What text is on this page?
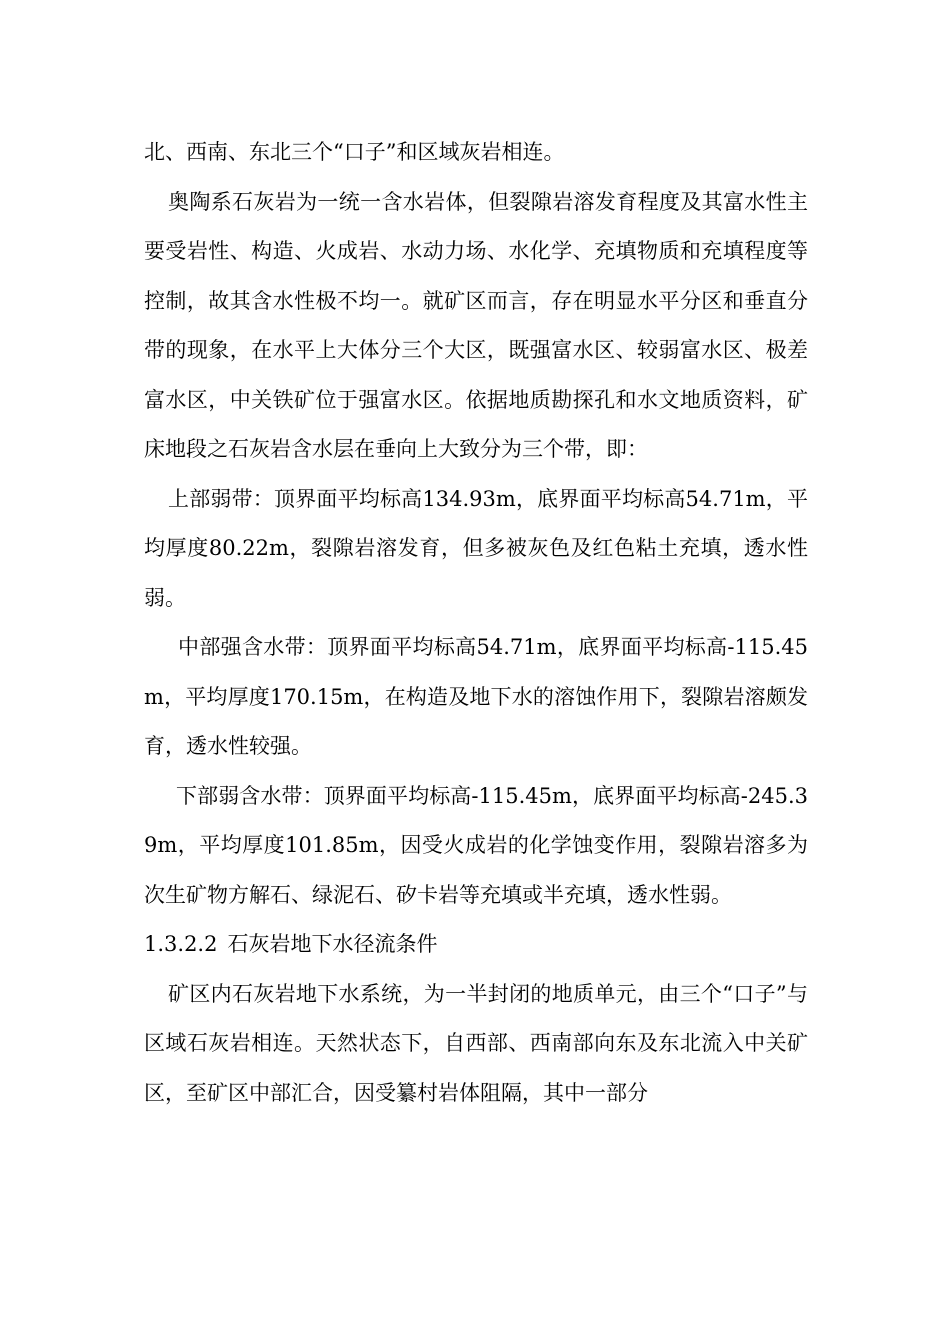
北、西南、东北三个“口子”和区域灰岩相连。

奥陶系石灰岩为一统一含水岩体，但裂隙岩溶发育程度及其富水性主要受岩性、构造、火成岩、水动力场、水化学、充填物质和充填程度等控制，故其含水性极不均一。就矿区而言，存在明显水平分区和垂直分带的现象，在水平上大体分三个大区，既强富水区、较弱富水区、极差富水区，中关铁矿位于强富水区。依据地质勘探孔和水文地质资料，矿床地段之石灰岩含水层在垂向上大致分为三个带，即：

上部弱带：顶界面平均标高134.93m，底界面平均标高54.71m，平均厚度80.22m，裂隙岩溶发育，但多被灰色及红色粘土充填，透水性弱。

中部强含水带：顶界面平均标高54.71m，底界面平均标高-115.45m，平均厚度170.15m，在构造及地下水的溶蚀作用下，裂隙岩溶颇发育，透水性较强。

下部弱含水带：顶界面平均标高-115.45m，底界面平均标高-245.39m，平均厚度101.85m，因受火成岩的化学蚀变作用，裂隙岩溶多为次生矿物方解石、绿泥石、矽卡岩等充填或半充填，透水性弱。

1.3.2.2 石灰岩地下水径流条件

矿区内石灰岩地下水系统，为一半封闭的地质单元，由三个“口子”与区域石灰岩相连。天然状态下，自西部、西南部向东及东北流入中关矿区，至矿区中部汇合，因受纂村岩体阻隔，其中一部分
